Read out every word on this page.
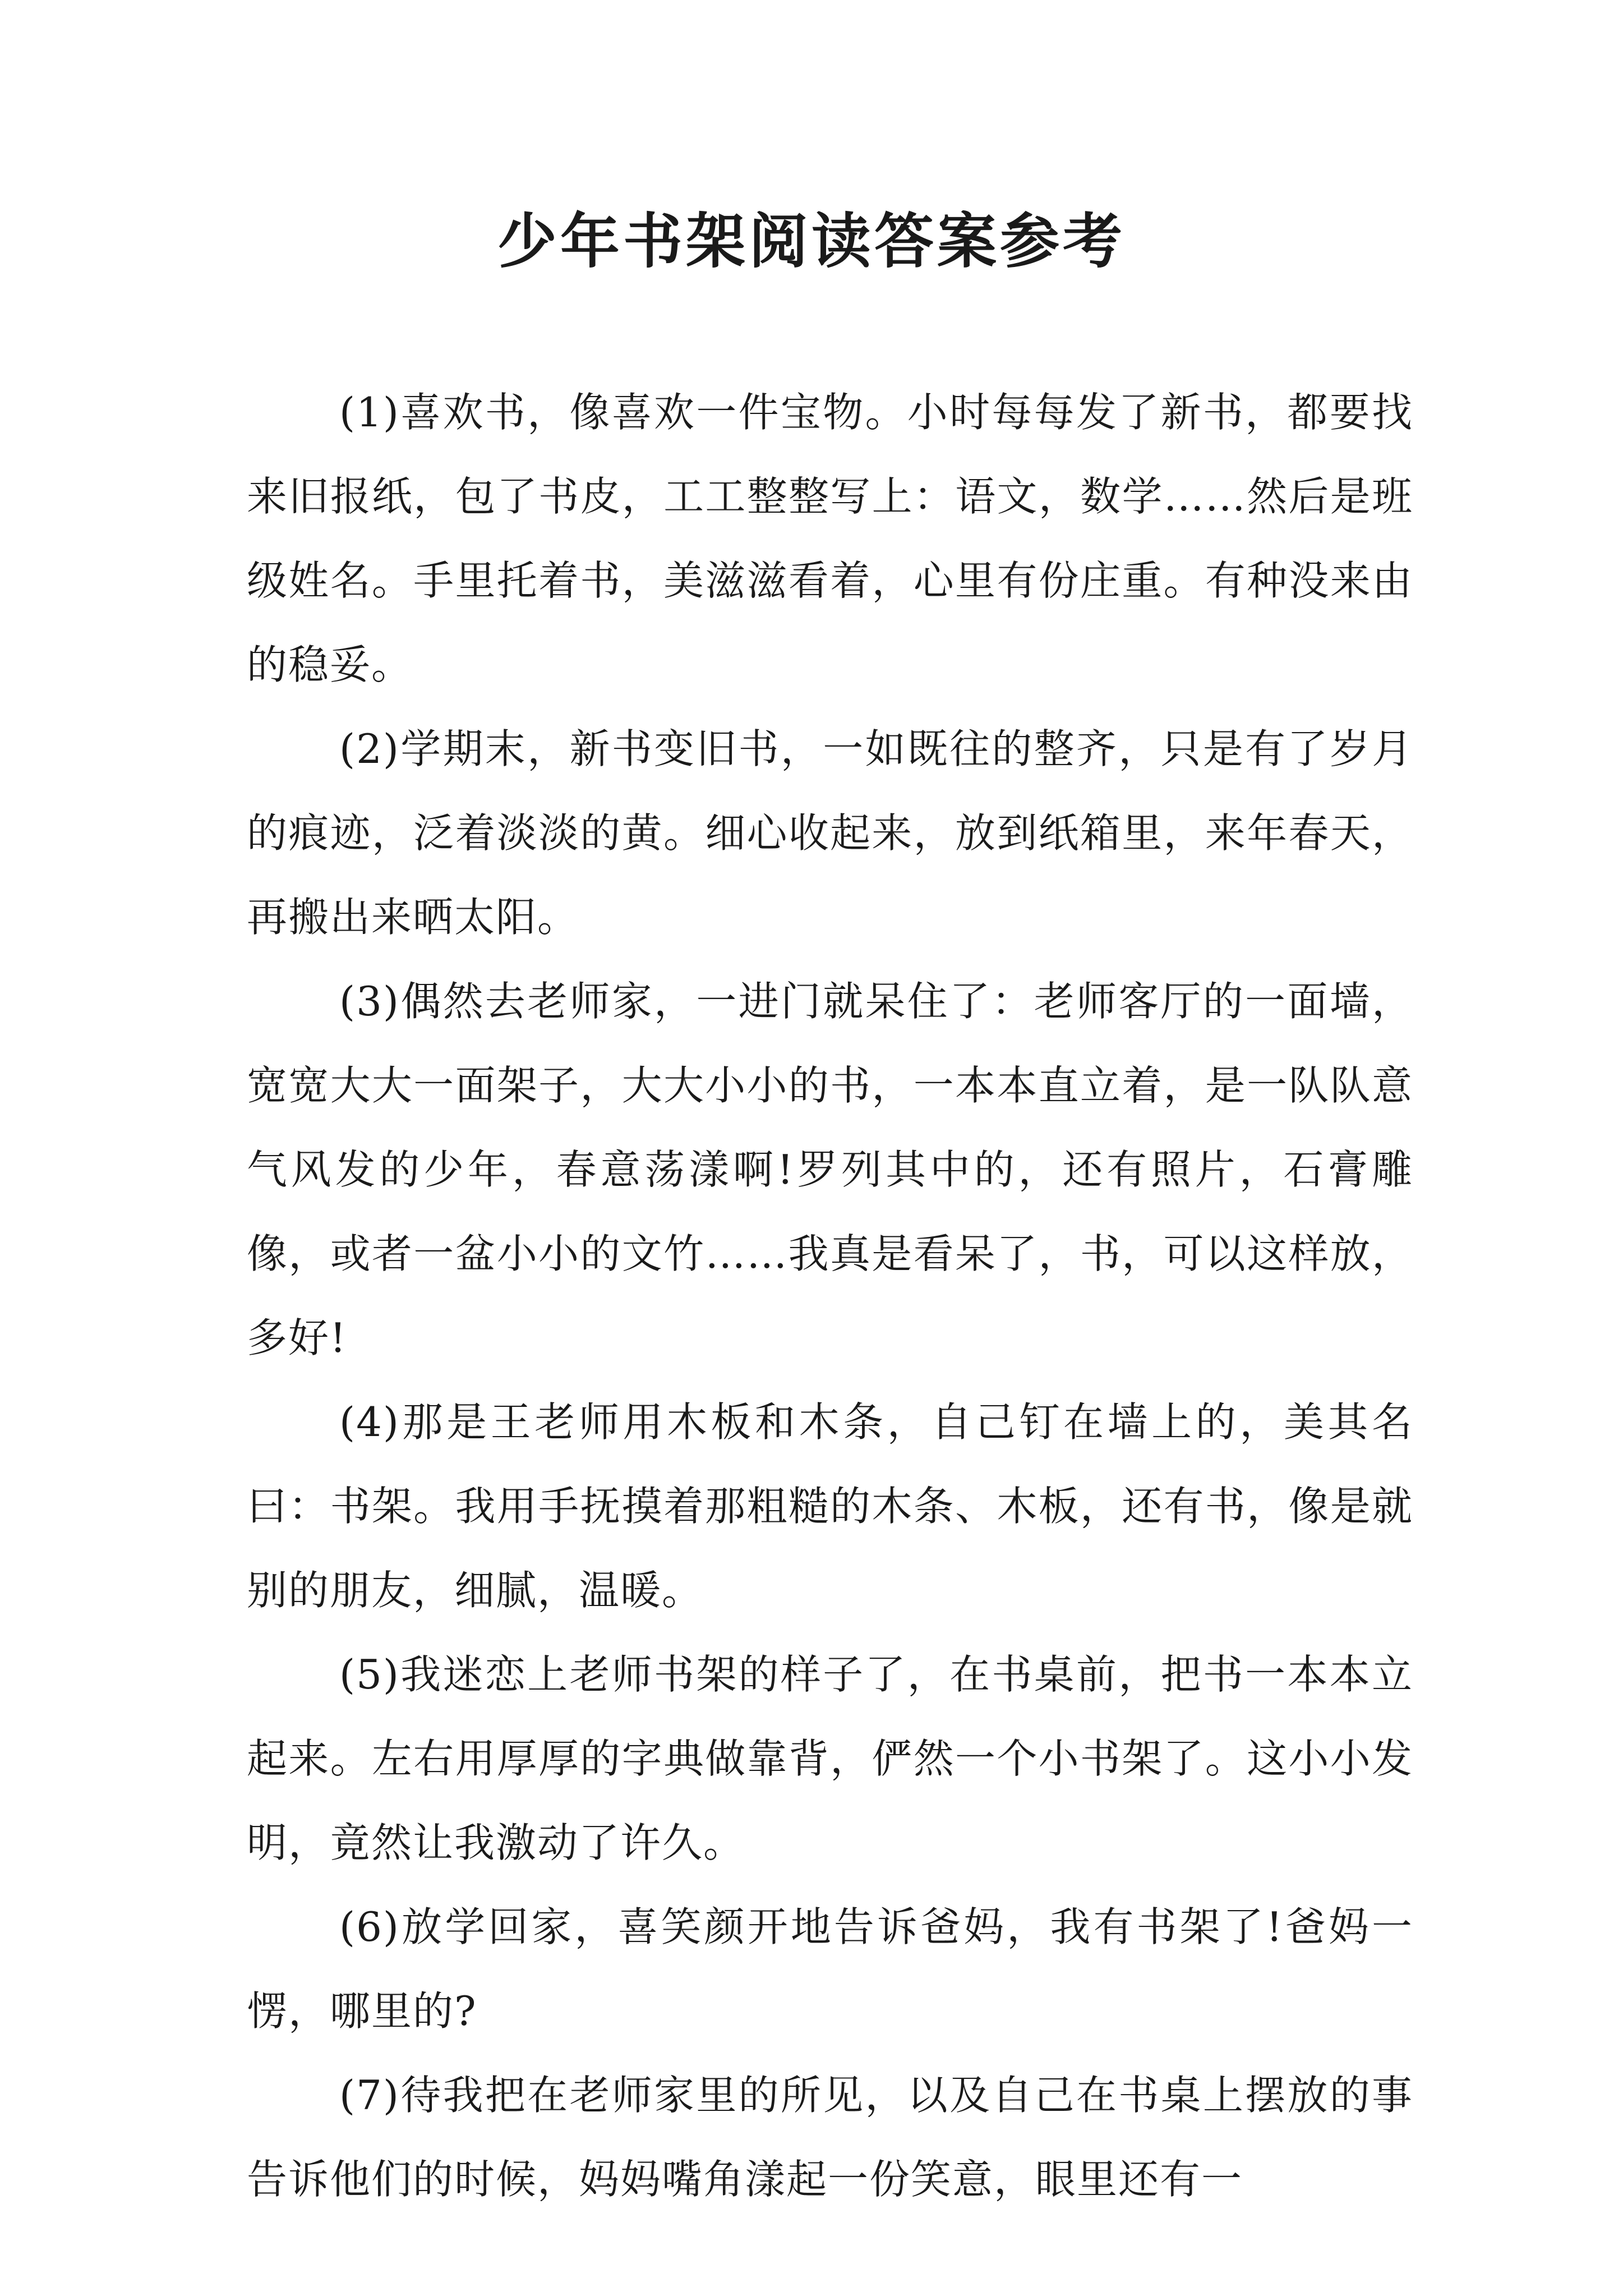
少年书架阅读答案参考

(1)喜欢书，像喜欢一件宝物。小时每每发了新书，都要找来旧报纸，包了书皮，工工整整写上：语文，数学……然后是班级姓名。手里托着书，美滋滋看着，心里有份庄重。有种没来由的稳妥。

(2)学期末，新书变旧书，一如既往的整齐，只是有了岁月的痕迹，泛着淡淡的黄。细心收起来，放到纸箱里，来年春天，再搬出来晒太阳。

(3)偶然去老师家，一进门就呆住了：老师客厅的一面墙，宽宽大大一面架子，大大小小的书，一本本直立着，是一队队意气风发的少年，春意荡漾啊!罗列其中的，还有照片，石膏雕像，或者一盆小小的文竹……我真是看呆了，书，可以这样放，多好!

(4)那是王老师用木板和木条，自己钉在墙上的，美其名曰：书架。我用手抚摸着那粗糙的木条、木板，还有书，像是就别的朋友，细腻，温暖。

(5)我迷恋上老师书架的样子了，在书桌前，把书一本本立起来。左右用厚厚的字典做靠背，俨然一个小书架了。这小小发明，竟然让我激动了许久。

(6)放学回家，喜笑颜开地告诉爸妈，我有书架了!爸妈一愣，哪里的?

(7)待我把在老师家里的所见，以及自己在书桌上摆放的事告诉他们的时候，妈妈嘴角漾起一份笑意，眼里还有一
